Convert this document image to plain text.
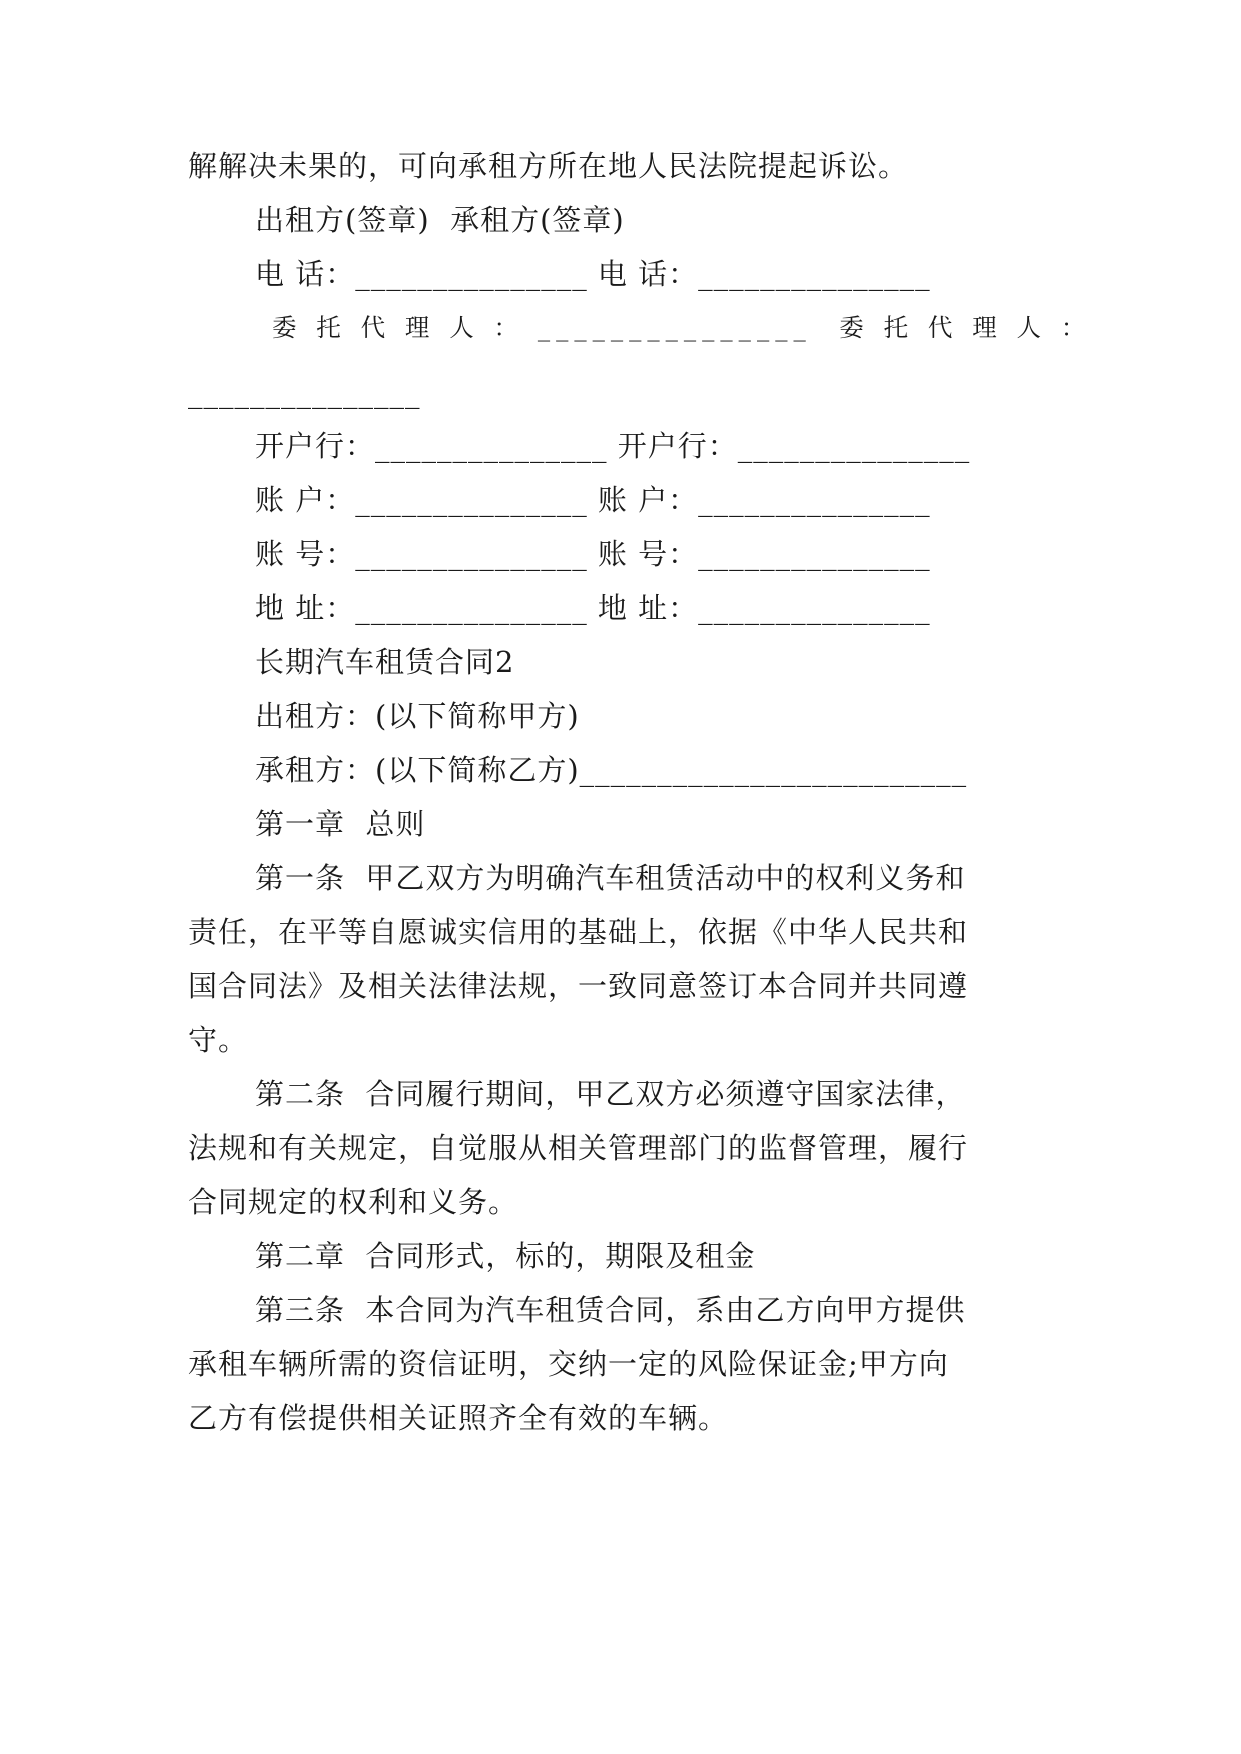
解解决未果的，可向承租方所在地人民法院提起诉讼。
出租方(签章)  承租方(签章)
电 话：_______________ 电 话：_______________
委 托 代 理 人 ： _______________  委 托 代 理 人 ：
_______________
开户行：_______________ 开户行：_______________
账 户：_______________ 账 户：_______________
账 号：_______________ 账 号：_______________
地 址：_______________ 地 址：_______________
长期汽车租赁合同2
出租方：(以下简称甲方)
承租方：(以下简称乙方)_________________________
第一章  总则
第一条  甲乙双方为明确汽车租赁活动中的权利义务和
责任，在平等自愿诚实信用的基础上，依据《中华人民共和
国合同法》及相关法律法规，一致同意签订本合同并共同遵
守。
第二条  合同履行期间，甲乙双方必须遵守国家法律，
法规和有关规定，自觉服从相关管理部门的监督管理，履行
合同规定的权利和义务。
第二章  合同形式，标的，期限及租金
第三条  本合同为汽车租赁合同，系由乙方向甲方提供
承租车辆所需的资信证明，交纳一定的风险保证金;甲方向
乙方有偿提供相关证照齐全有效的车辆。
